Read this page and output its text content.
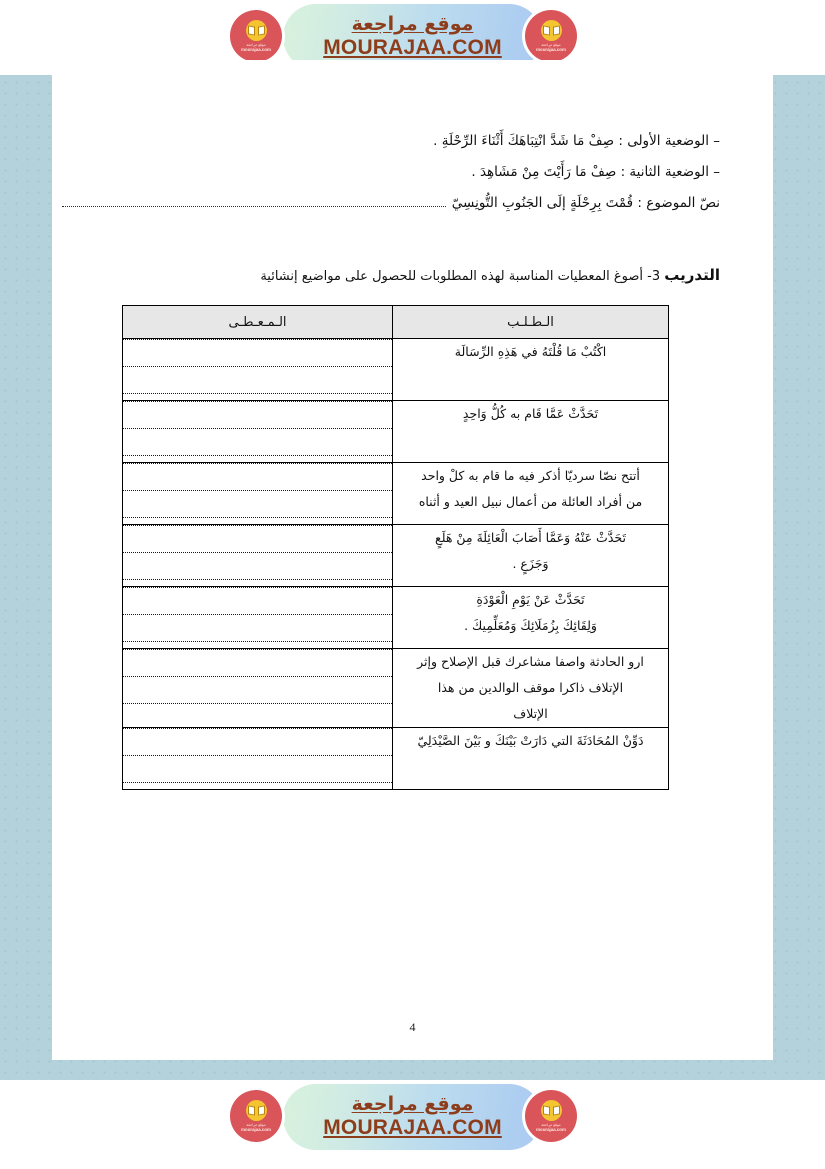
موقع مراجعة
MOURAJAA.COM
موقع مراجعة
mourajaa.com
موقع مراجعة
mourajaa.com
– الوضعية الأولى : صِفْ مَا شَدَّ انْتِبَاهَكَ أَثْنَاءَ الرِّحْلَةِ .
– الوضعية الثانية : صِفْ مَا رَأَيْتَ مِنْ مَشَاهِدَ .
نصّ الموضوع : قُمْتَ بِرِحْلَةٍ إلَى الجَنُوبِ التُّونِسِيّ
التدريب 3- أصوغ المعطيات المناسبة لهذه المطلوبات للحصول على مواضيع إنشائية
الـطـلـب	الـمـعـطـى

اكْتُبْ مَا قُلْتَهُ في هَذِهِ الرِّسَالَة	

تَحَدَّثْ عَمَّا قَام به كُلُّ وَاحِدٍ	

أتتح نصّا سرديّا أذكر فيه ما قام به كلْ واحد
من أفراد العائلة من أعمال نبيل العيد و أثناه	

تَحَدَّثْ عَنْهُ وَعَمَّا أَصَابَ الْعَائِلَةَ مِنْ هَلَعٍ
وَجَزَعٍ .	

تَحَدَّثْ عَنْ يَوْمِ الْعَوْدَةِ
وَلِقَائِكَ بِزُمَلَائِكَ وَمُعَلِّمِيكَ .	

ارو الحادثة واصفا مشاعرك قبل الإصلاح وإثر
الإتلاف ذاكرا موقف الوالدين من هذا
الإتلاف	

دَوِّنْ المُحَادَثَةَ التي دَارَتْ بَيْنَكَ و بَيْنَ الصَّيْدَلِيّ	

4
موقع مراجعة
MOURAJAA.COM
موقع مراجعة
mourajaa.com
موقع مراجعة
mourajaa.com
